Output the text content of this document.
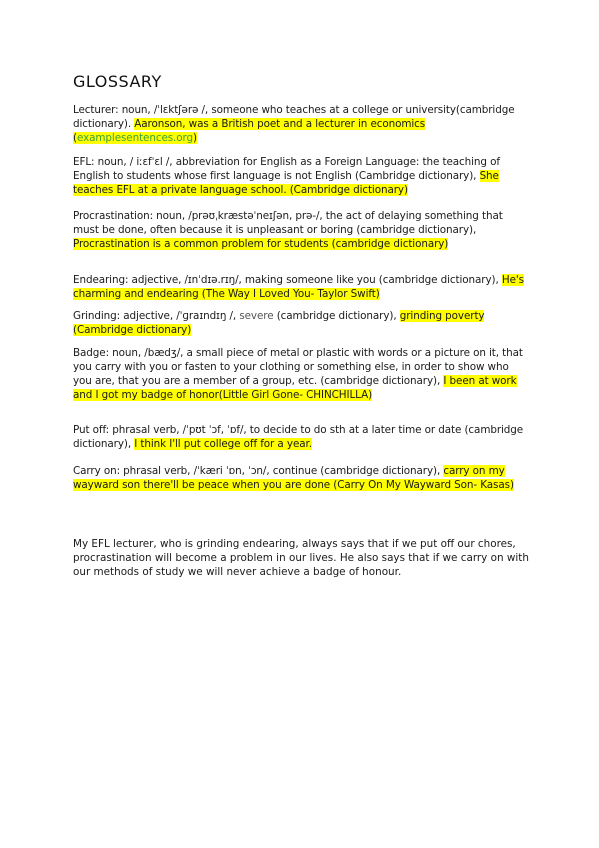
GLOSSARY
Lecturer: noun, /ˈlɛktʃərə /, someone who teaches at a college or university(cambridge dictionary). Aaronson, was a British poet and a lecturer in economics (examplesentences.org)
EFL: noun, / iːɛfˈɛl /, abbreviation for English as a Foreign Language: the teaching of English to students whose first language is not English (Cambridge dictionary), She teaches EFL at a private language school. (Cambridge dictionary)
Procrastination: noun, /prəʊˌkræstəˈneɪʃən, prə-/, the act of delaying something that must be done, often because it is unpleasant or boring (cambridge dictionary), Procrastination is a common problem for students (cambridge dictionary)
Endearing: adjective, /ɪnˈdɪə.rɪŋ/, making someone like you (cambridge dictionary), He's charming and endearing (The Way I Loved You- Taylor Swift)
Grinding: adjective, /ˈɡraɪndɪŋ /, severe (cambridge dictionary), grinding poverty (Cambridge dictionary)
Badge: noun, /bædʒ/, a small piece of metal or plastic with words or a picture on it, that you carry with you or fasten to your clothing or something else, in order to show who you are, that you are a member of a group, etc. (cambridge dictionary), I been at work and I got my badge of honor(Little Girl Gone- CHINCHILLA)
Put off: phrasal verb, /ˈpʊt ˈɔf, ˈɒf/, to decide to do sth at a later time or date (cambridge dictionary), I think I'll put college off for a year.
Carry on: phrasal verb, /ˈkæri ˈɒn, ˈɔn/, continue (cambridge dictionary), carry on my wayward son there'll be peace when you are done (Carry On My Wayward Son- Kasas)
My EFL lecturer, who is grinding endearing, always says that if we put off our chores, procrastination will become a problem in our lives. He also says that if we carry on with our methods of study we will never achieve a badge of honour.
